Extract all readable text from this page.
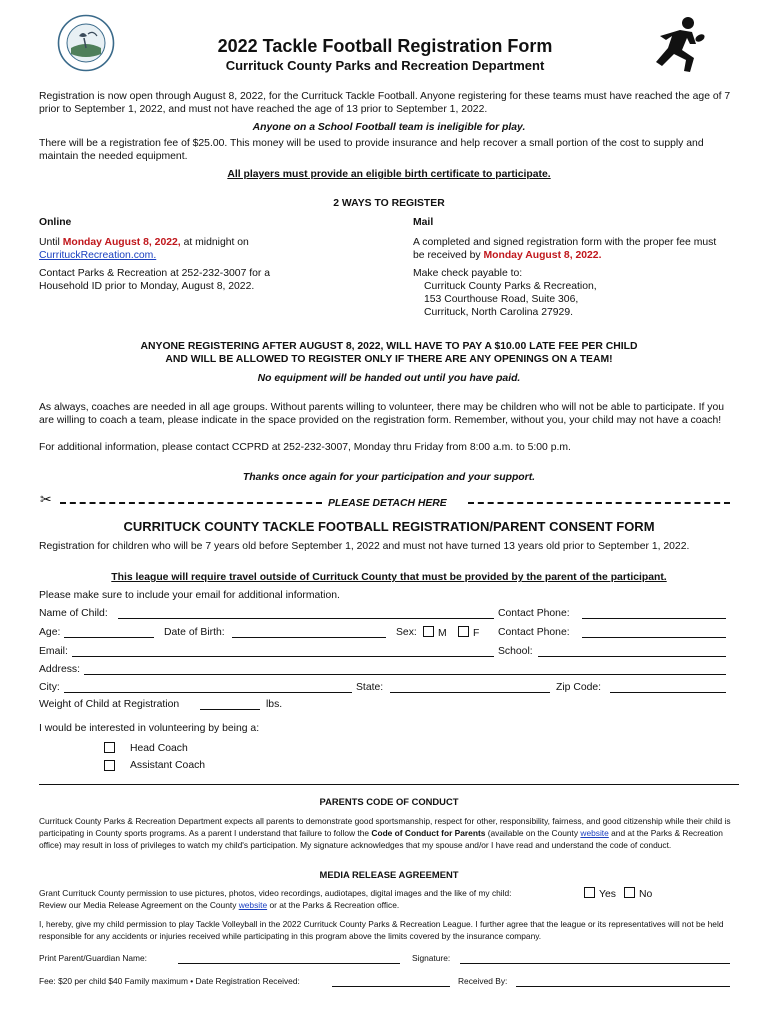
2022 Tackle Football Registration Form
Currituck County Parks and Recreation Department
Registration is now open through August 8, 2022, for the Currituck Tackle Football. Anyone registering for these teams must have reached the age of 7 prior to September 1, 2022, and must not have reached the age of 13 prior to September 1, 2022.
Anyone on a School Football team is ineligible for play.
There will be a registration fee of $25.00. This money will be used to provide insurance and help recover a small portion of the cost to supply and maintain the needed equipment.
All players must provide an eligible birth certificate to participate.
2 WAYS TO REGISTER
Online	Mail
Until Monday August 8, 2022, at midnight on
CurrituckRecreation.com.
Contact Parks & Recreation at 252-232-3007 for a Household ID prior to Monday, August 8, 2022.
A completed and signed registration form with the proper fee must be received by Monday August 8, 2022.
Make check payable to:
Currituck County Parks & Recreation,
153 Courthouse Road, Suite 306,
Currituck, North Carolina 27929.
ANYONE REGISTERING AFTER AUGUST 8, 2022, WILL HAVE TO PAY A $10.00 LATE FEE PER CHILD
AND WILL BE ALLOWED TO REGISTER ONLY IF THERE ARE ANY OPENINGS ON A TEAM!
No equipment will be handed out until you have paid.
As always, coaches are needed in all age groups. Without parents willing to volunteer, there may be children who will not be able to participate. If you are willing to coach a team, please indicate in the space provided on the registration form. Remember, without you, your child may not have a coach!
For additional information, please contact CCPRD at 252-232-3007, Monday thru Friday from 8:00 a.m. to 5:00 p.m.
Thanks once again for your participation and your support.
✂	PLEASE DETACH HERE
CURRITUCK COUNTY TACKLE FOOTBALL REGISTRATION/PARENT CONSENT FORM
Registration for children who will be 7 years old before September 1, 2022 and must not have turned 13 years old prior to September 1, 2022.
This league will require travel outside of Currituck County that must be provided by the parent of the participant.
Please make sure to include your email for additional information.
Name of Child:	Contact Phone:
Age:	Date of Birth:	Sex:	M	F Contact Phone:
Email:	School:
Address:
City:	State:	Zip Code:
Weight of Child at Registration	lbs.
I would be interested in volunteering by being a:
Head Coach
Assistant Coach
PARENTS CODE OF CONDUCT
Currituck County Parks & Recreation Department expects all parents to demonstrate good sportsmanship, respect for other, responsibility, fairness, and good citizenship while their child is participating in County sports programs. As a parent I understand that failure to follow the Code of Conduct for Parents (available on the County website and at the Parks & Recreation office) may result in loss of privileges to watch my child's participation. My signature acknowledges that my spouse and/or I have read and understand the code of conduct.
MEDIA RELEASE AGREEMENT
Grant Currituck County permission to use pictures, photos, video recordings, audiotapes, digital images and the like of my child:
Review our Media Release Agreement on the County website or at the Parks & Recreation office.
Yes	No
I, hereby, give my child permission to play Tackle Volleyball in the 2022 Currituck County Parks & Recreation League. I further agree that the league or its representatives will not be held responsible for any accidents or injuries received while participating in this program above the limits covered by the insurance company.
Print Parent/Guardian Name:	Signature:
Fee: $20 per child $40 Family maximum • Date Registration Received:	Received By:
